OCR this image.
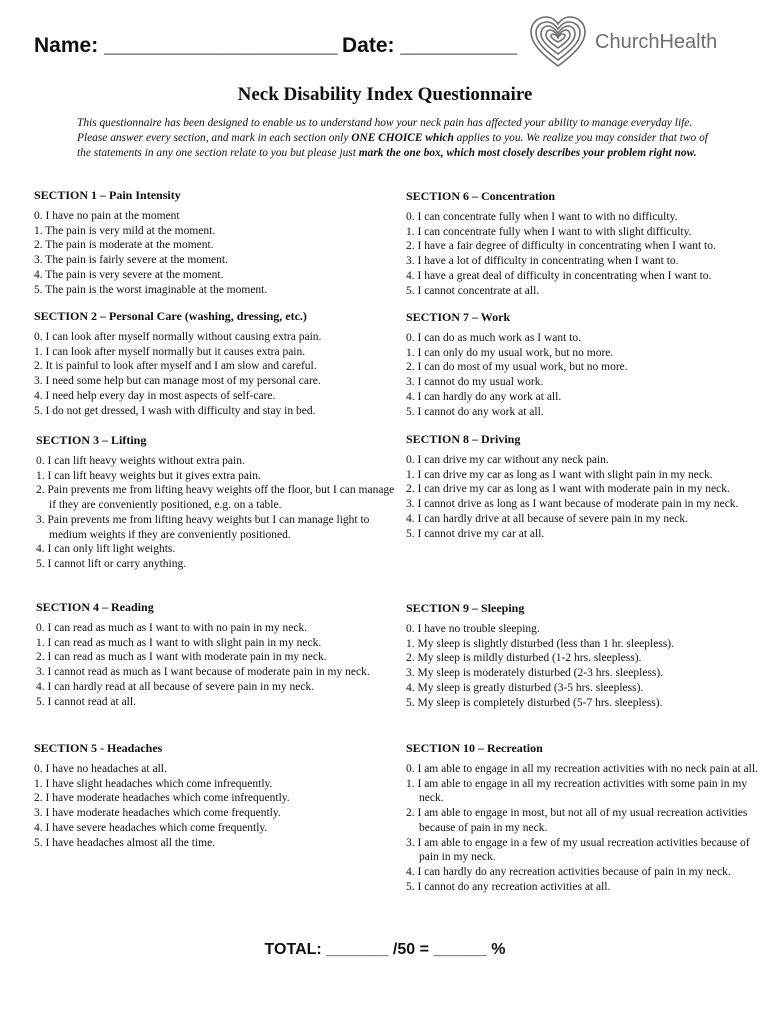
Name: ____________________ Date: __________	ChurchHealth
Neck Disability Index Questionnaire
This questionnaire has been designed to enable us to understand how your neck pain has affected your ability to manage everyday life. Please answer every section, and mark in each section only ONE CHOICE which applies to you. We realize you may consider that two of the statements in any one section relate to you but please just mark the one box, which most closely describes your problem right now.
SECTION 1 – Pain Intensity
0. I have no pain at the moment
1. The pain is very mild at the moment.
2. The pain is moderate at the moment.
3. The pain is fairly severe at the moment.
4. The pain is very severe at the moment.
5. The pain is the worst imaginable at the moment.
SECTION 2 – Personal Care (washing, dressing, etc.)
0. I can look after myself normally without causing extra pain.
1. I can look after myself normally but it causes extra pain.
2. It is painful to look after myself and I am slow and careful.
3. I need some help but can manage most of my personal care.
4. I need help every day in most aspects of self-care.
5. I do not get dressed, I wash with difficulty and stay in bed.
SECTION 3 – Lifting
0. I can lift heavy weights without extra pain.
1. I can lift heavy weights but it gives extra pain.
2. Pain prevents me from lifting heavy weights off the floor, but I can manage if they are conveniently positioned, e.g. on a table.
3. Pain prevents me from lifting heavy weights but I can manage light to medium weights if they are conveniently positioned.
4. I can only lift light weights.
5. I cannot lift or carry anything.
SECTION 4 – Reading
0. I can read as much as I want to with no pain in my neck.
1. I can read as much as I want to with slight pain in my neck.
2. I can read as much as I want with moderate pain in my neck.
3. I cannot read as much as I want because of moderate pain in my neck.
4. I can hardly read at all because of severe pain in my neck.
5. I cannot read at all.
SECTION 5 - Headaches
0. I have no headaches at all.
1. I have slight headaches which come infrequently.
2. I have moderate headaches which come infrequently.
3. I have moderate headaches which come frequently.
4. I have severe headaches which come frequently.
5. I have headaches almost all the time.
SECTION 6 – Concentration
0. I can concentrate fully when I want to with no difficulty.
1. I can concentrate fully when I want to with slight difficulty.
2. I have a fair degree of difficulty in concentrating when I want to.
3. I have a lot of difficulty in concentrating when I want to.
4. I have a great deal of difficulty in concentrating when I want to.
5. I cannot concentrate at all.
SECTION 7 – Work
0. I can do as much work as I want to.
1. I can only do my usual work, but no more.
2. I can do most of my usual work, but no more.
3. I cannot do my usual work.
4. I can hardly do any work at all.
5. I cannot do any work at all.
SECTION 8 – Driving
0. I can drive my car without any neck pain.
1. I can drive my car as long as I want with slight pain in my neck.
2. I can drive my car as long as I want with moderate pain in my neck.
3. I cannot drive as long as I want because of moderate pain in my neck.
4. I can hardly drive at all because of severe pain in my neck.
5. I cannot drive my car at all.
SECTION 9 – Sleeping
0. I have no trouble sleeping.
1. My sleep is slightly disturbed (less than 1 hr. sleepless).
2. My sleep is mildly disturbed (1-2 hrs. sleepless).
3. My sleep is moderately disturbed (2-3 hrs. sleepless).
4. My sleep is greatly disturbed (3-5 hrs. sleepless).
5. My sleep is completely disturbed (5-7 hrs. sleepless).
SECTION 10 – Recreation
0. I am able to engage in all my recreation activities with no neck pain at all.
1. I am able to engage in all my recreation activities with some pain in my neck.
2. I am able to engage in most, but not all of my usual recreation activities because of pain in my neck.
3. I am able to engage in a few of my usual recreation activities because of pain in my neck.
4. I can hardly do any recreation activities because of pain in my neck.
5. I cannot do any recreation activities at all.
TOTAL: _______ /50 = ______ %
